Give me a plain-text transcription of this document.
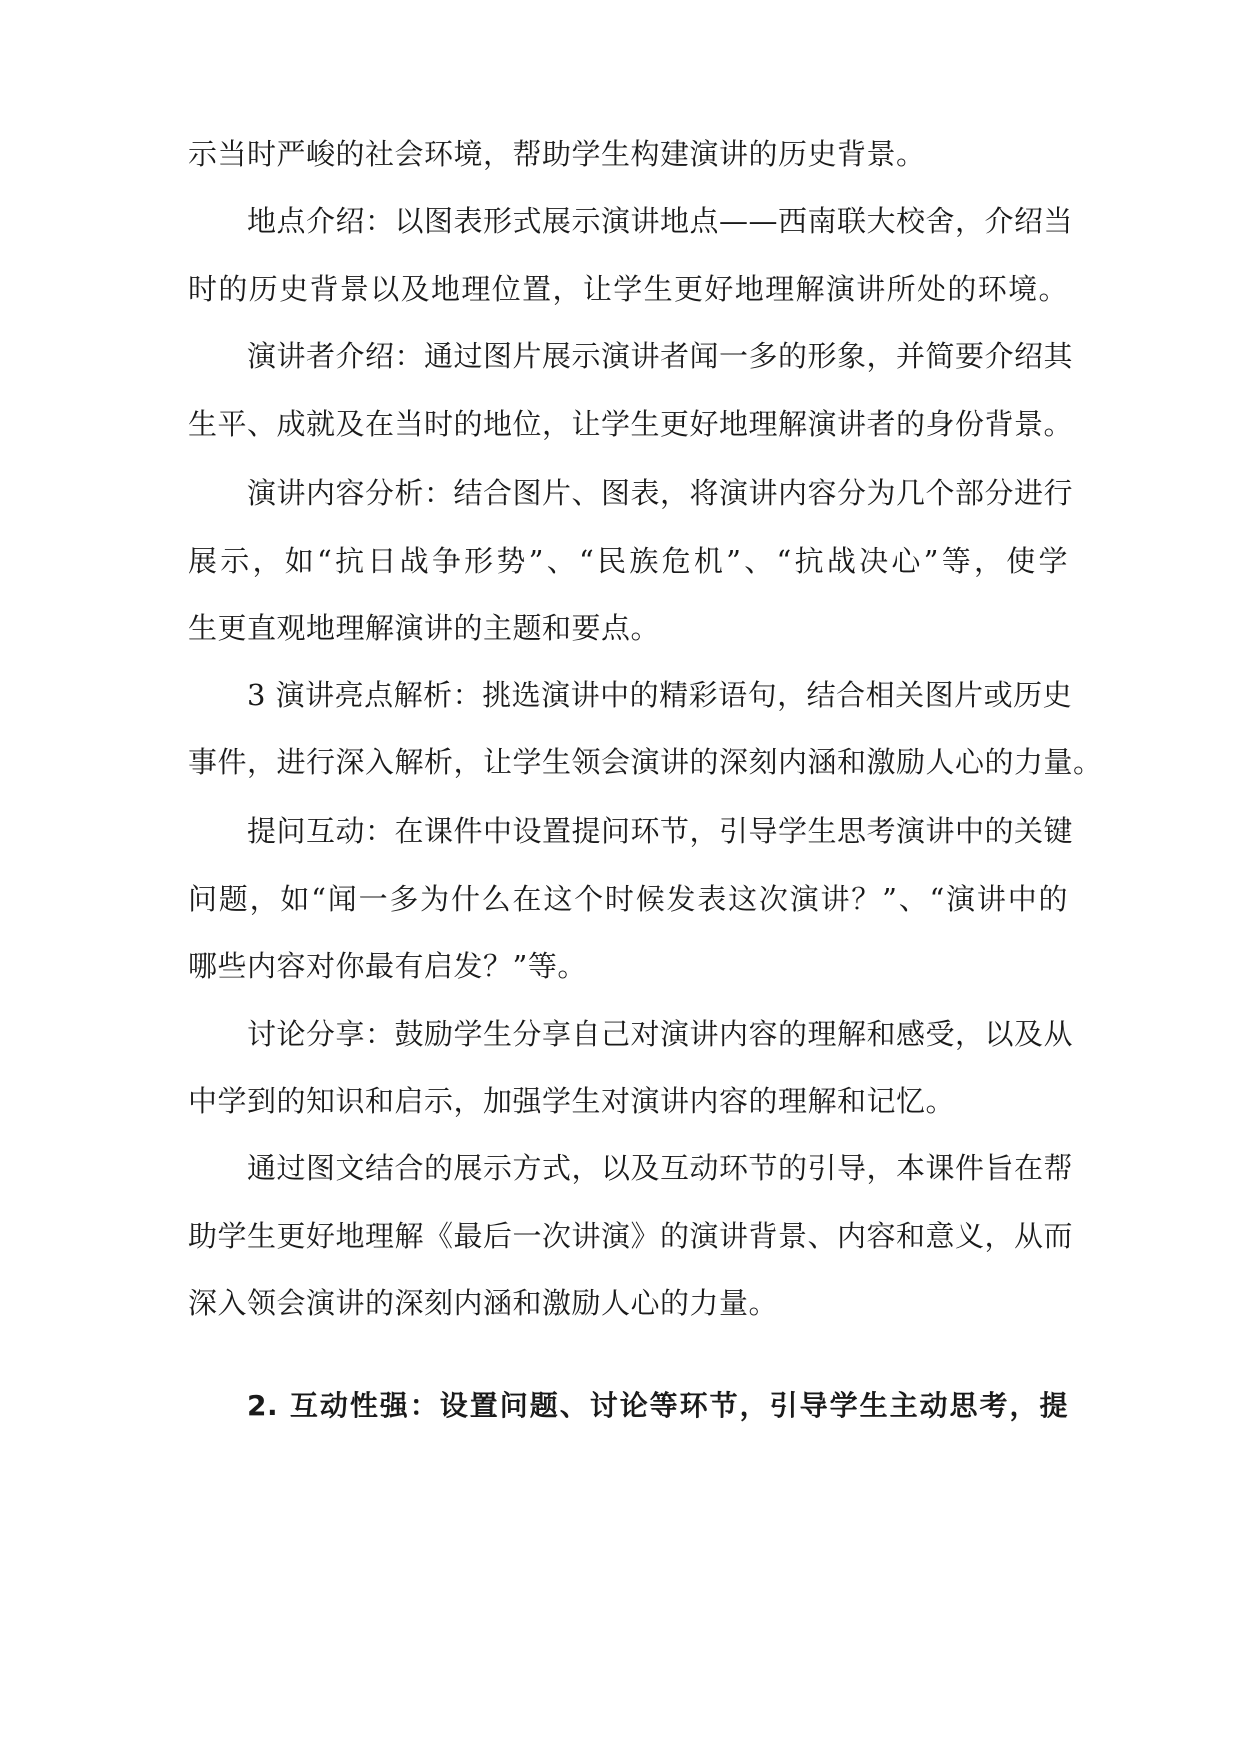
示当时严峻的社会环境，帮助学生构建演讲的历史背景。
地点介绍：以图表形式展示演讲地点——西南联大校舍，介绍当
时的历史背景以及地理位置，让学生更好地理解演讲所处的环境。
演讲者介绍：通过图片展示演讲者闻一多的形象，并简要介绍其
生平、成就及在当时的地位，让学生更好地理解演讲者的身份背景。
演讲内容分析：结合图片、图表，将演讲内容分为几个部分进行
展示，如“抗日战争形势”、“民族危机”、“抗战决心”等，使学
生更直观地理解演讲的主题和要点。
3 演讲亮点解析：挑选演讲中的精彩语句，结合相关图片或历史
事件，进行深入解析，让学生领会演讲的深刻内涵和激励人心的力量。
提问互动：在课件中设置提问环节，引导学生思考演讲中的关键
问题，如“闻一多为什么在这个时候发表这次演讲？”、“演讲中的
哪些内容对你最有启发？”等。
讨论分享：鼓励学生分享自己对演讲内容的理解和感受，以及从
中学到的知识和启示，加强学生对演讲内容的理解和记忆。
通过图文结合的展示方式，以及互动环节的引导，本课件旨在帮
助学生更好地理解《最后一次讲演》的演讲背景、内容和意义，从而
深入领会演讲的深刻内涵和激励人心的力量。
2. 互动性强：设置问题、讨论等环节，引导学生主动思考，提
